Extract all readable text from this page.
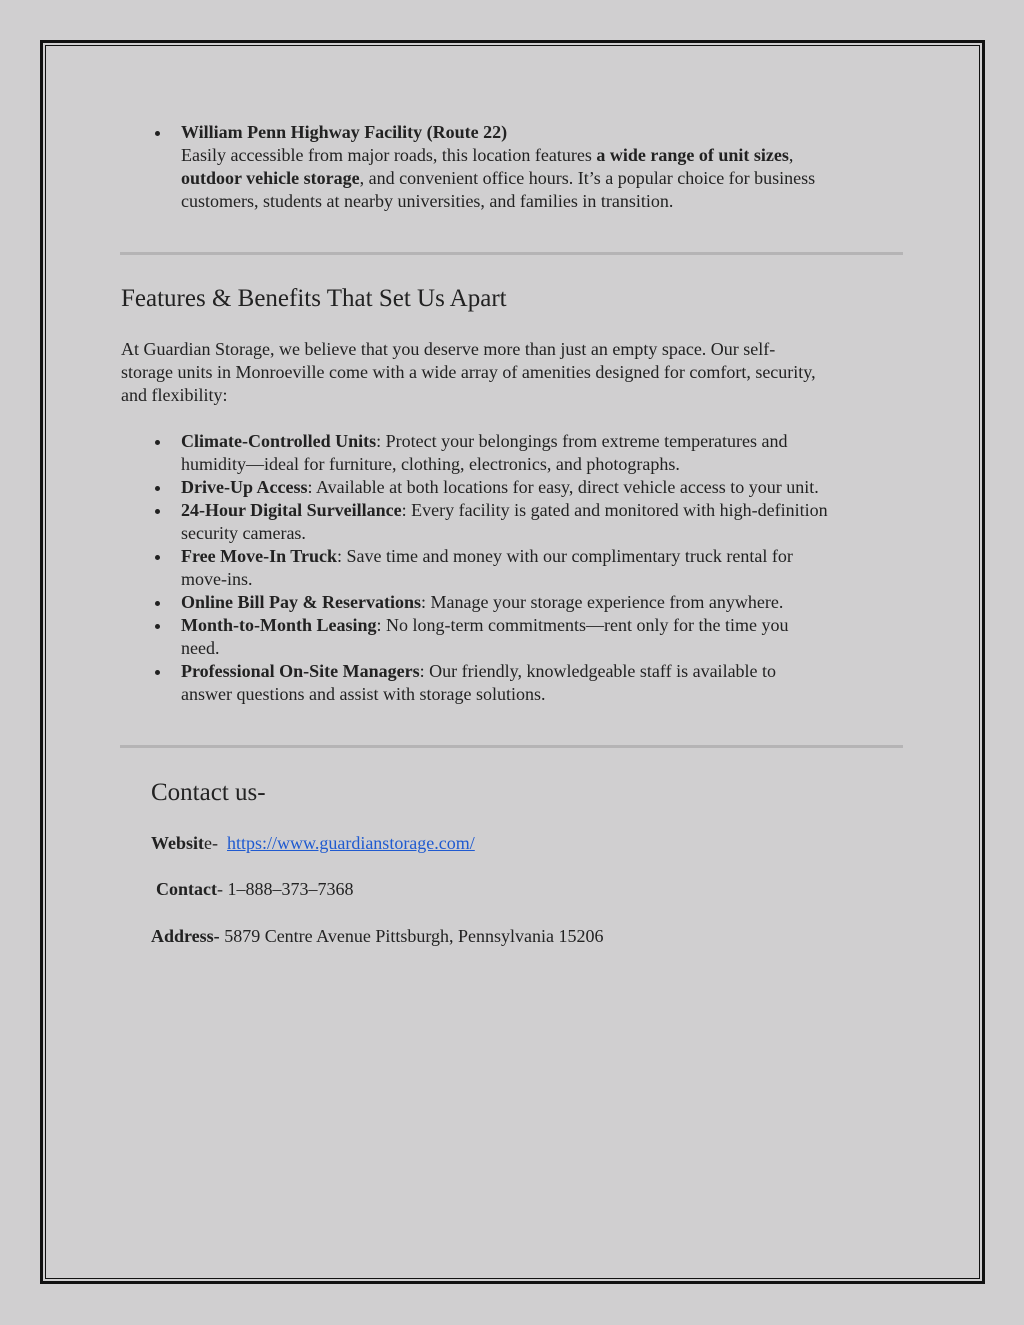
William Penn Highway Facility (Route 22)
Easily accessible from major roads, this location features a wide range of unit sizes,
outdoor vehicle storage, and convenient office hours. It’s a popular choice for business
customers, students at nearby universities, and families in transition.
Features & Benefits That Set Us Apart
At Guardian Storage, we believe that you deserve more than just an empty space. Our self-
storage units in Monroeville come with a wide array of amenities designed for comfort, security,
and flexibility:
Climate-Controlled Units: Protect your belongings from extreme temperatures and
humidity—ideal for furniture, clothing, electronics, and photographs.
Drive-Up Access: Available at both locations for easy, direct vehicle access to your unit.
24-Hour Digital Surveillance: Every facility is gated and monitored with high-definition
security cameras.
Free Move-In Truck: Save time and money with our complimentary truck rental for
move-ins.
Online Bill Pay & Reservations: Manage your storage experience from anywhere.
Month-to-Month Leasing: No long-term commitments—rent only for the time you
need.
Professional On-Site Managers: Our friendly, knowledgeable staff is available to
answer questions and assist with storage solutions.
Contact us-
Website- https://www.guardianstorage.com/
Contact- 1–888–373–7368
Address- 5879 Centre Avenue Pittsburgh, Pennsylvania 15206
